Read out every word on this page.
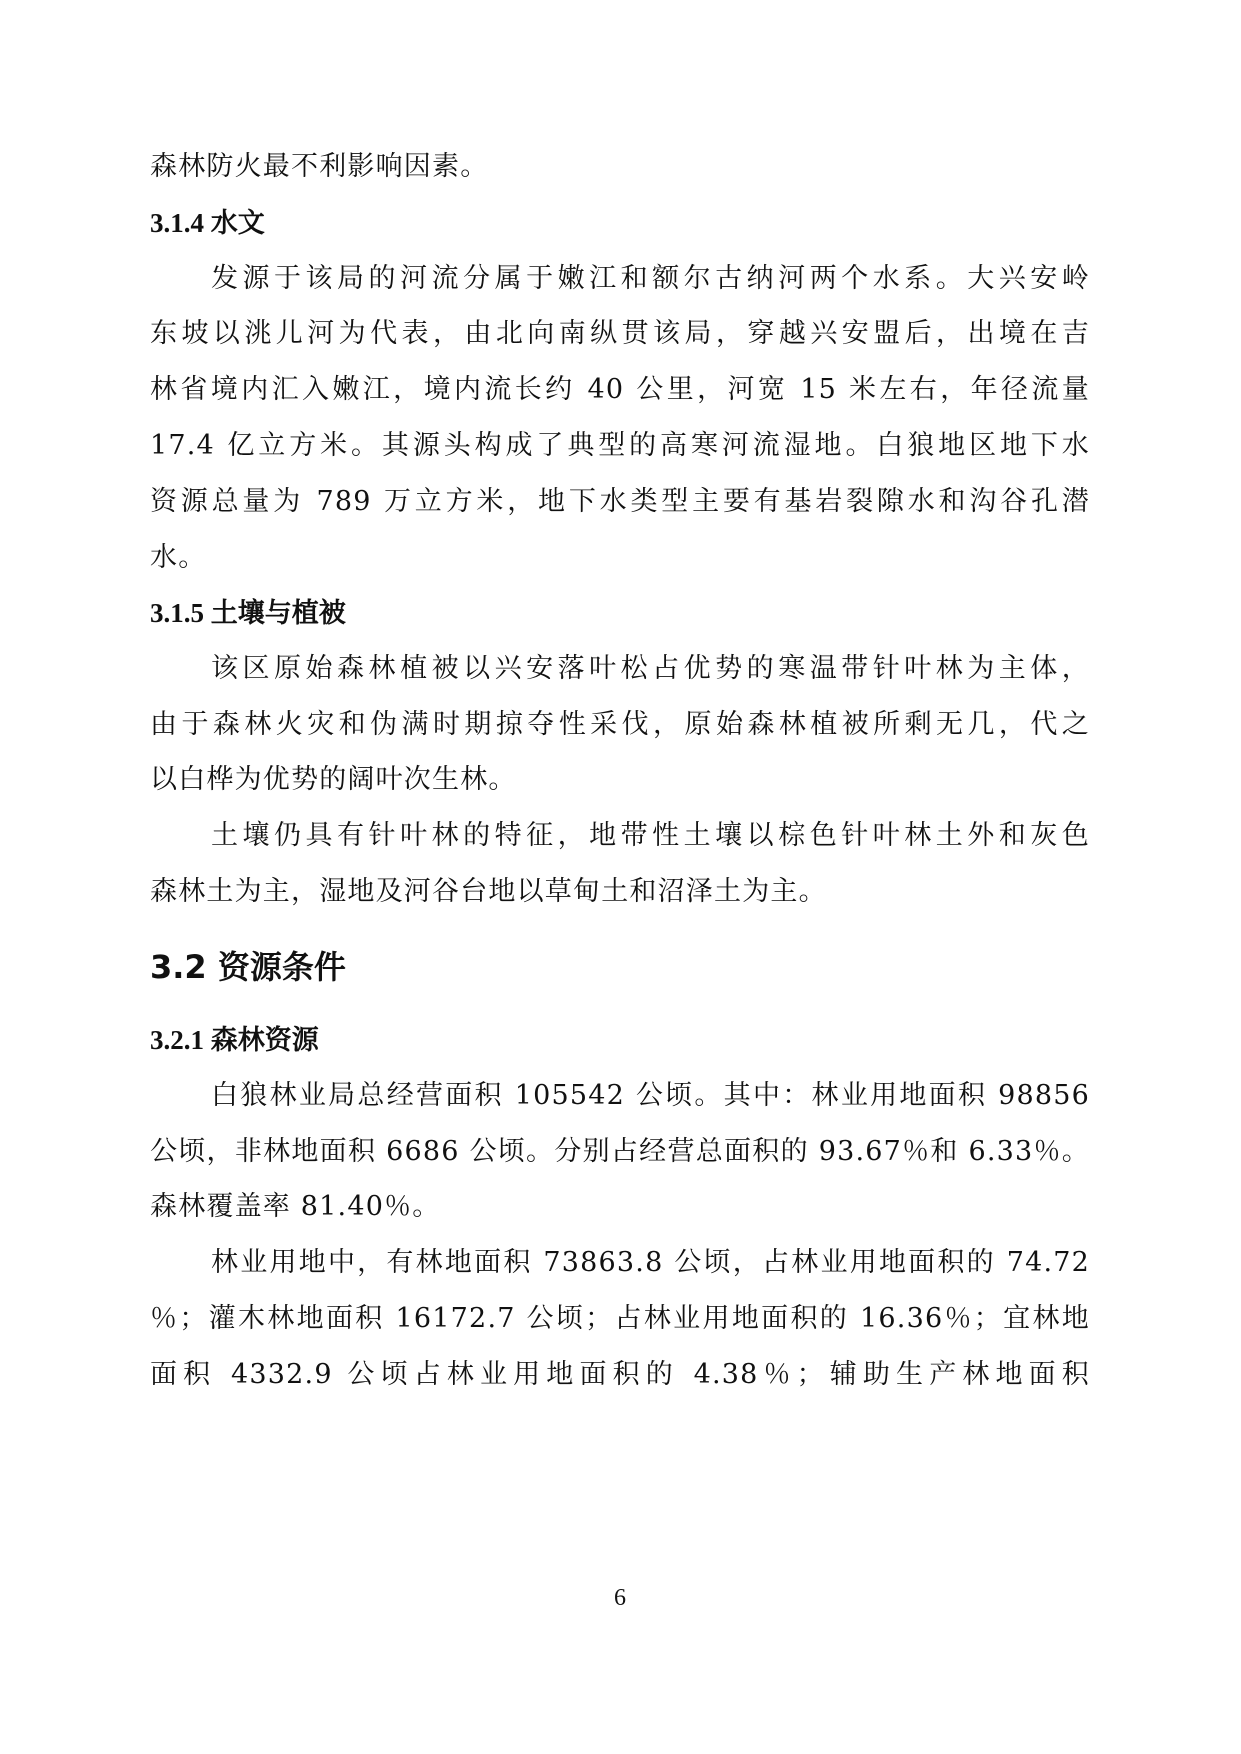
森林防火最不利影响因素。
3.1.4 水文
发源于该局的河流分属于嫩江和额尔古纳河两个水系。大兴安岭
东坡以洮儿河为代表，由北向南纵贯该局，穿越兴安盟后，出境在吉
林省境内汇入嫩江，境内流长约 40 公里，河宽 15 米左右，年径流量
17.4 亿立方米。其源头构成了典型的高寒河流湿地。白狼地区地下水
资源总量为 789 万立方米，地下水类型主要有基岩裂隙水和沟谷孔潜
水。
3.1.5 土壤与植被
该区原始森林植被以兴安落叶松占优势的寒温带针叶林为主体，
由于森林火灾和伪满时期掠夺性采伐，原始森林植被所剩无几，代之
以白桦为优势的阔叶次生林。
土壤仍具有针叶林的特征，地带性土壤以棕色针叶林土外和灰色
森林土为主，湿地及河谷台地以草甸土和沼泽土为主。
3.2 资源条件
3.2.1 森林资源
白狼林业局总经营面积 105542 公顷。其中：林业用地面积 98856
公顷，非林地面积 6686 公顷。分别占经营总面积的 93.67％和 6.33％。
森林覆盖率 81.40％。
林业用地中，有林地面积 73863.8 公顷，占林业用地面积的 74.72
％；灌木林地面积 16172.7 公顷；占林业用地面积的 16.36％；宜林地
面积 4332.9 公顷占林业用地面积的 4.38％；辅助生产林地面积
6
